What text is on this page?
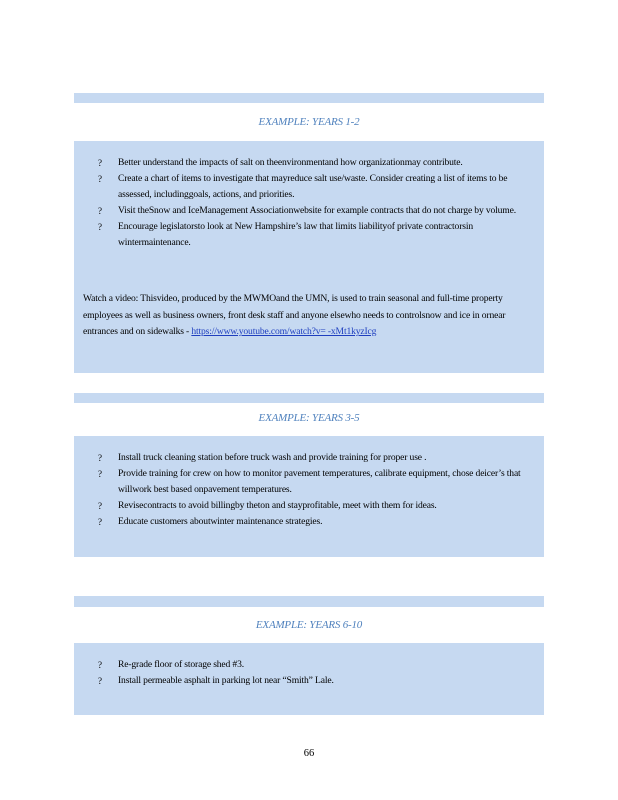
EXAMPLE: YEARS 1-2
?	Better understand the impacts of salt on theenvironmentand how organizationmay contribute.
?	Create a chart of items to investigate that mayreduce salt use/waste. Consider creating a list of items to be assessed, includinggoals, actions, and priorities.
?	Visit theSnow and IceManagement Associationwebsite for example contracts that do not charge by volume.
?	Encourage legislatorsto look at New Hampshire’s law that limits liabilityof private contractorsin wintermaintenance.
Watch a video: Thisvideo, produced by the MWMOand the UMN, is used to train seasonal and full-time property employees as well as business owners, front desk staff and anyone elsewho needs to controlsnow and ice in ornear entrances and on sidewalks - https://www.youtube.com/watch?v= -xMt1kyzIcg
EXAMPLE: YEARS 3-5
?	Install truck cleaning station before truck wash and provide training for proper use .
?	Provide training for crew on how to monitor pavement temperatures, calibrate equipment, chose deicer’s that willwork best based onpavement temperatures.
?	Revisecontracts to avoid billingby theton and stayprofitable, meet with them for ideas.
?	Educate customers aboutwinter maintenance strategies.
EXAMPLE: YEARS 6-10
?	Re-grade floor of storage shed #3.
?	Install permeable asphalt in parking lot near “Smith” Lale.
66
